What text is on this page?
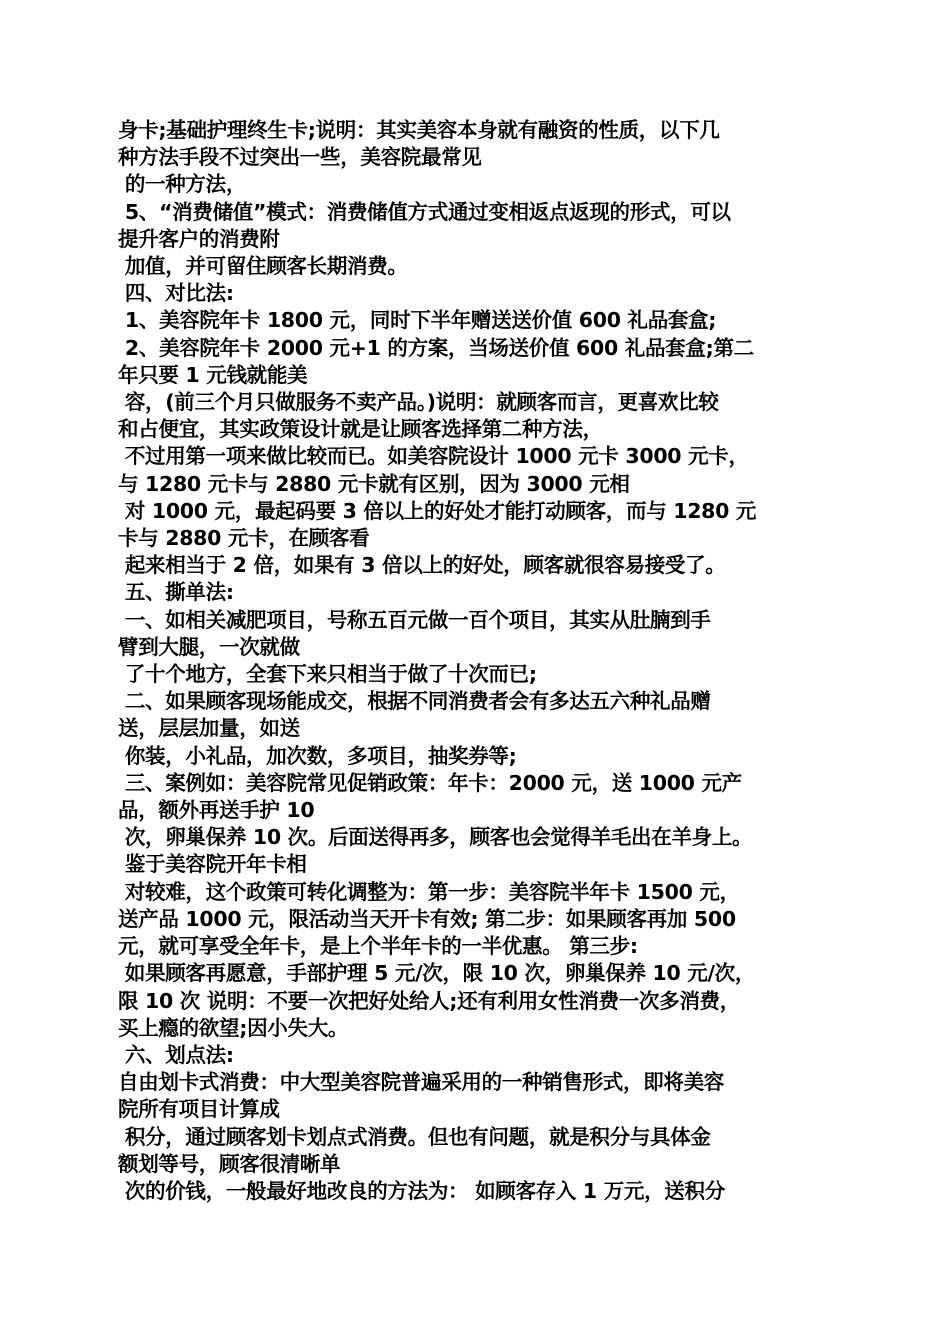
身卡;基础护理终生卡;说明：其实美容本身就有融资的性质，以下几
种方法手段不过突出一些，美容院最常见
的一种方法，
5、“消费储值”模式：消费储值方式通过变相返点返现的形式，可以
提升客户的消费附
加值，并可留住顾客长期消费。
四、对比法:
1、美容院年卡 1800 元，同时下半年赠送送价值 600 礼品套盒;
2、美容院年卡 2000 元+1 的方案，当场送价值 600 礼品套盒;第二
年只要 1 元钱就能美
容，(前三个月只做服务不卖产品。)说明：就顾客而言，更喜欢比较
和占便宜，其实政策设计就是让顾客选择第二种方法，
不过用第一项来做比较而已。如美容院设计 1000 元卡 3000 元卡，
与 1280 元卡与 2880 元卡就有区别，因为 3000 元相
对 1000 元，最起码要 3 倍以上的好处才能打动顾客，而与 1280 元
卡与 2880 元卡，在顾客看
起来相当于 2 倍，如果有 3 倍以上的好处，顾客就很容易接受了。
五、撕单法:
一、如相关减肥项目，号称五百元做一百个项目，其实从肚腩到手
臂到大腿，一次就做
了十个地方，全套下来只相当于做了十次而已;
二、如果顾客现场能成交，根据不同消费者会有多达五六种礼品赠
送，层层加量，如送
你装，小礼品，加次数，多项目，抽奖券等;
三、案例如：美容院常见促销政策：年卡：2000 元，送 1000 元产
品，额外再送手护 10
次，卵巢保养 10 次。后面送得再多，顾客也会觉得羊毛出在羊身上。
鉴于美容院开年卡相
对较难，这个政策可转化调整为：第一步：美容院半年卡 1500 元，
送产品 1000 元，限活动当天开卡有效; 第二步：如果顾客再加 500
元，就可享受全年卡，是上个半年卡的一半优惠。 第三步:
如果顾客再愿意，手部护理 5 元/次，限 10 次，卵巢保养 10 元/次，
限 10 次 说明：不要一次把好处给人;还有利用女性消费一次多消费，
买上瘾的欲望;因小失大。
六、划点法:
自由划卡式消费：中大型美容院普遍采用的一种销售形式，即将美容
院所有项目计算成
积分，通过顾客划卡划点式消费。但也有问题，就是积分与具体金
额划等号，顾客很清晰单
次的价钱，一般最好地改良的方法为： 如顾客存入 1 万元，送积分
